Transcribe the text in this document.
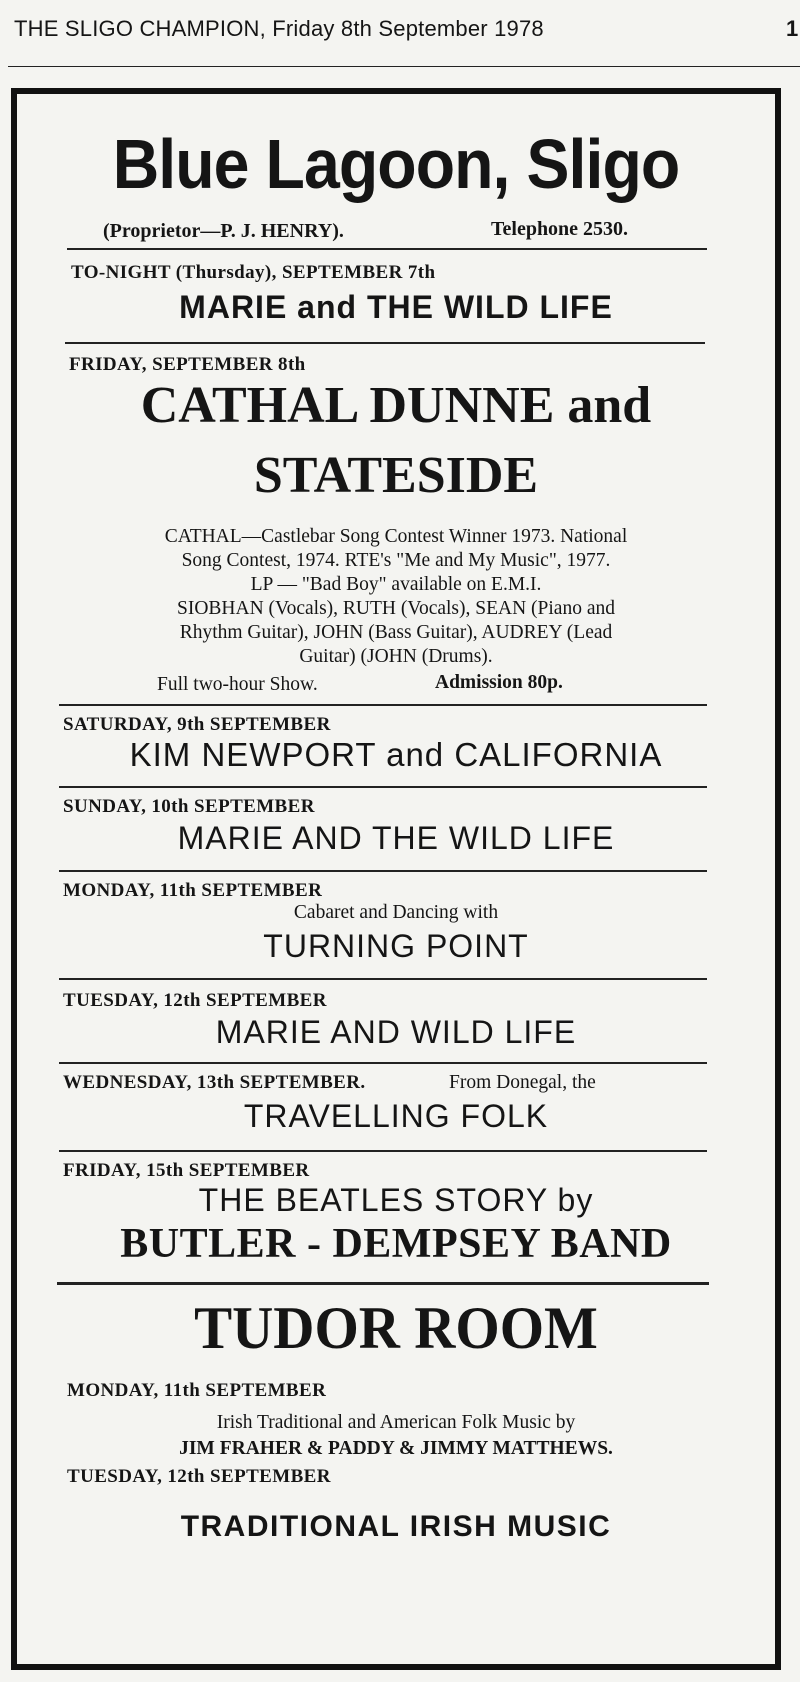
THE SLIGO CHAMPION, Friday 8th September 1978	1
Blue Lagoon, Sligo
(Proprietor—P. J. HENRY).	Telephone 2530.
TO-NIGHT (Thursday), SEPTEMBER 7th
MARIE and THE WILD LIFE
FRIDAY, SEPTEMBER 8th
CATHAL DUNNE and
STATESIDE
CATHAL—Castlebar Song Contest Winner 1973. National
Song Contest, 1974. RTE's "Me and My Music", 1977.
LP — "Bad Boy" available on E.M.I.
SIOBHAN (Vocals), RUTH (Vocals), SEAN (Piano and
Rhythm Guitar), JOHN (Bass Guitar), AUDREY (Lead
Guitar) (JOHN (Drums).
Full two-hour Show.	Admission 80p.
SATURDAY, 9th SEPTEMBER
KIM NEWPORT and CALIFORNIA
SUNDAY, 10th SEPTEMBER
MARIE AND THE WILD LIFE
MONDAY, 11th SEPTEMBER
Cabaret and Dancing with
TURNING POINT
TUESDAY, 12th SEPTEMBER
MARIE AND WILD LIFE
WEDNESDAY, 13th SEPTEMBER.	From Donegal, the
TRAVELLING FOLK
FRIDAY, 15th SEPTEMBER
THE BEATLES STORY by
BUTLER - DEMPSEY BAND
TUDOR ROOM
MONDAY, 11th SEPTEMBER
Irish Traditional and American Folk Music by
JIM FRAHER & PADDY & JIMMY MATTHEWS.
TUESDAY, 12th SEPTEMBER
TRADITIONAL IRISH MUSIC
